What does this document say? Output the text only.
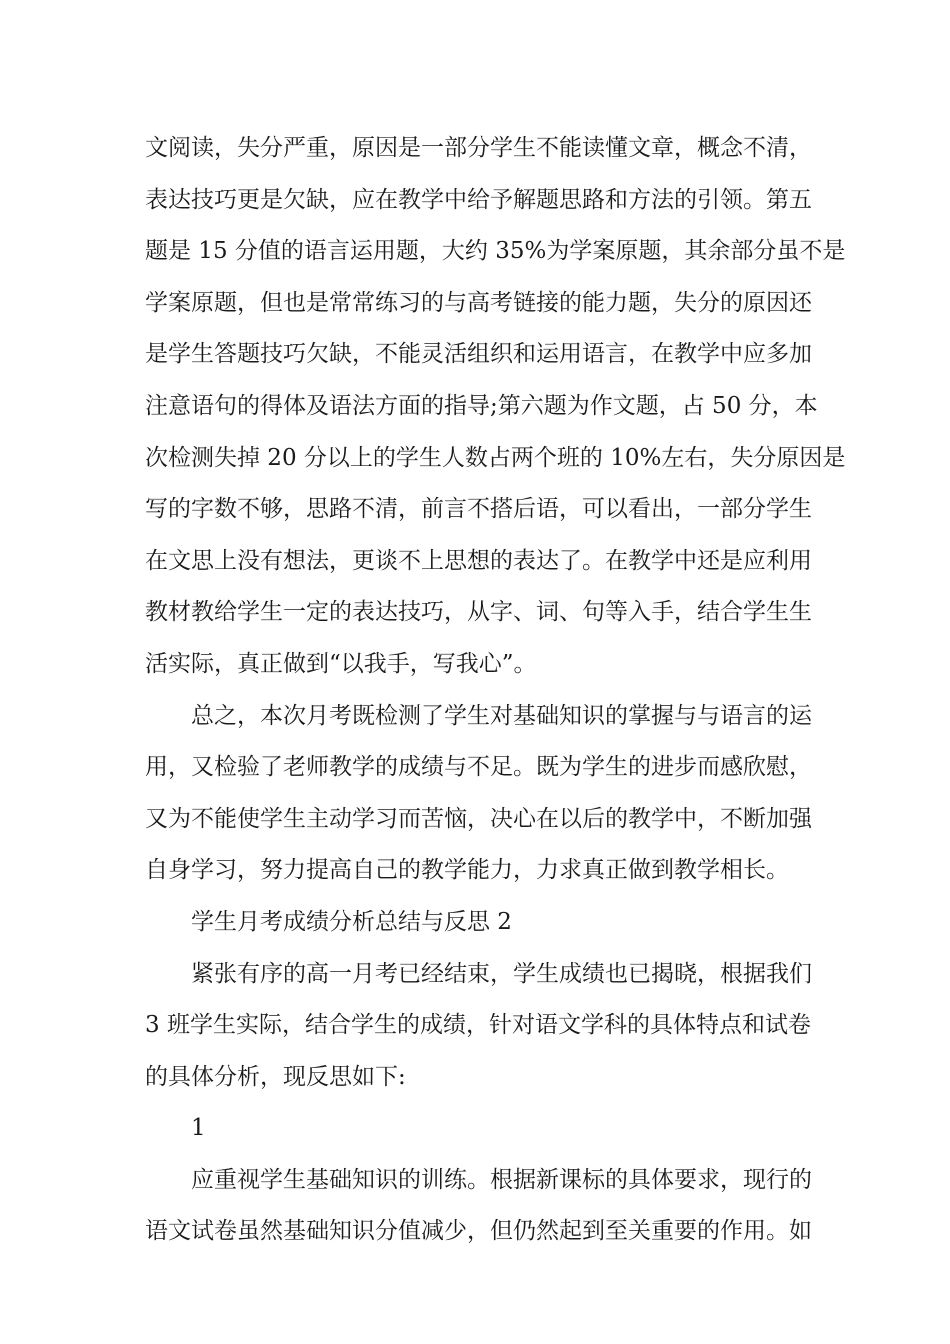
文阅读，失分严重，原因是一部分学生不能读懂文章，概念不清，
表达技巧更是欠缺，应在教学中给予解题思路和方法的引领。第五
题是 15 分值的语言运用题，大约 35%为学案原题，其余部分虽不是
学案原题，但也是常常练习的与高考链接的能力题，失分的原因还
是学生答题技巧欠缺，不能灵活组织和运用语言，在教学中应多加
注意语句的得体及语法方面的指导;第六题为作文题，占 50 分，本
次检测失掉 20 分以上的学生人数占两个班的 10%左右，失分原因是
写的字数不够，思路不清，前言不搭后语，可以看出，一部分学生
在文思上没有想法，更谈不上思想的表达了。在教学中还是应利用
教材教给学生一定的表达技巧，从字、词、句等入手，结合学生生
活实际，真正做到“以我手，写我心”。
总之，本次月考既检测了学生对基础知识的掌握与与语言的运
用，又检验了老师教学的成绩与不足。既为学生的进步而感欣慰，
又为不能使学生主动学习而苦恼，决心在以后的教学中，不断加强
自身学习，努力提高自己的教学能力，力求真正做到教学相长。
学生月考成绩分析总结与反思 2
紧张有序的高一月考已经结束，学生成绩也已揭晓，根据我们
3 班学生实际，结合学生的成绩，针对语文学科的具体特点和试卷
的具体分析，现反思如下:
1
应重视学生基础知识的训练。根据新课标的具体要求，现行的
语文试卷虽然基础知识分值减少，但仍然起到至关重要的作用。如
